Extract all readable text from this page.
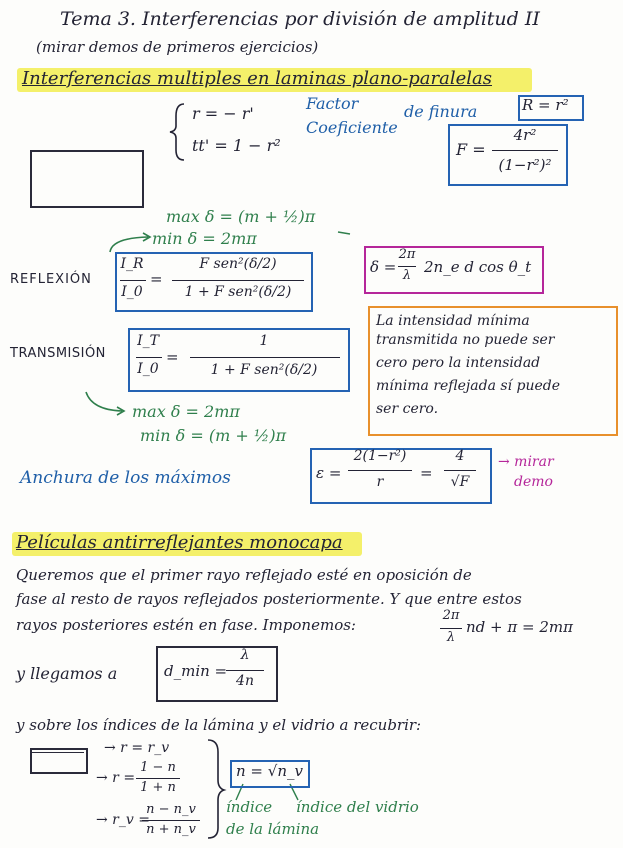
Tema 3. Interferencias por división de amplitud II
(mirar demos de primeros ejercicios)
Interferencias multiples en laminas plano-paralelas
r = − r'
tt' = 1 − r²
Factor	de finura
Coeficiente
R = r²
F =
4r²
(1−r²)²
max δ = (m + ½)π
min δ = 2mπ
REFLEXIÓN
I_R
I_0
=
F sen²(δ/2)
1 + F sen²(δ/2)
δ =
2π
λ 2n_e d cos θ_t
TRANSMISIÓN
I_T
I_0
=
1
1 + F sen²(δ/2)
max δ = 2mπ
min δ = (m + ½)π
La intensidad mínima
transmitida no puede ser
cero pero la intensidad
mínima reflejada sí puede
ser cero.
Anchura de los máximos	ε =
2(1−r²)
r	=
4
√F
→ mirar
demo
Películas antirreflejantes monocapa
Queremos que el primer rayo reflejado esté en oposición de
fase al resto de rayos reflejados posteriormente. Y que entre estos
rayos posteriores estén en fase. Imponemos:
2π
λ
nd + π = 2mπ
y llegamos a	d_min =
λ
4n
y sobre los índices de la lámina y el vidrio a recubrir:
→ r = r_v
→ r =
1 − n
1 + n
→ r_v =
n − n_v
n + n_v
n = √n_v
índice
de la lámina
índice del vidrio
